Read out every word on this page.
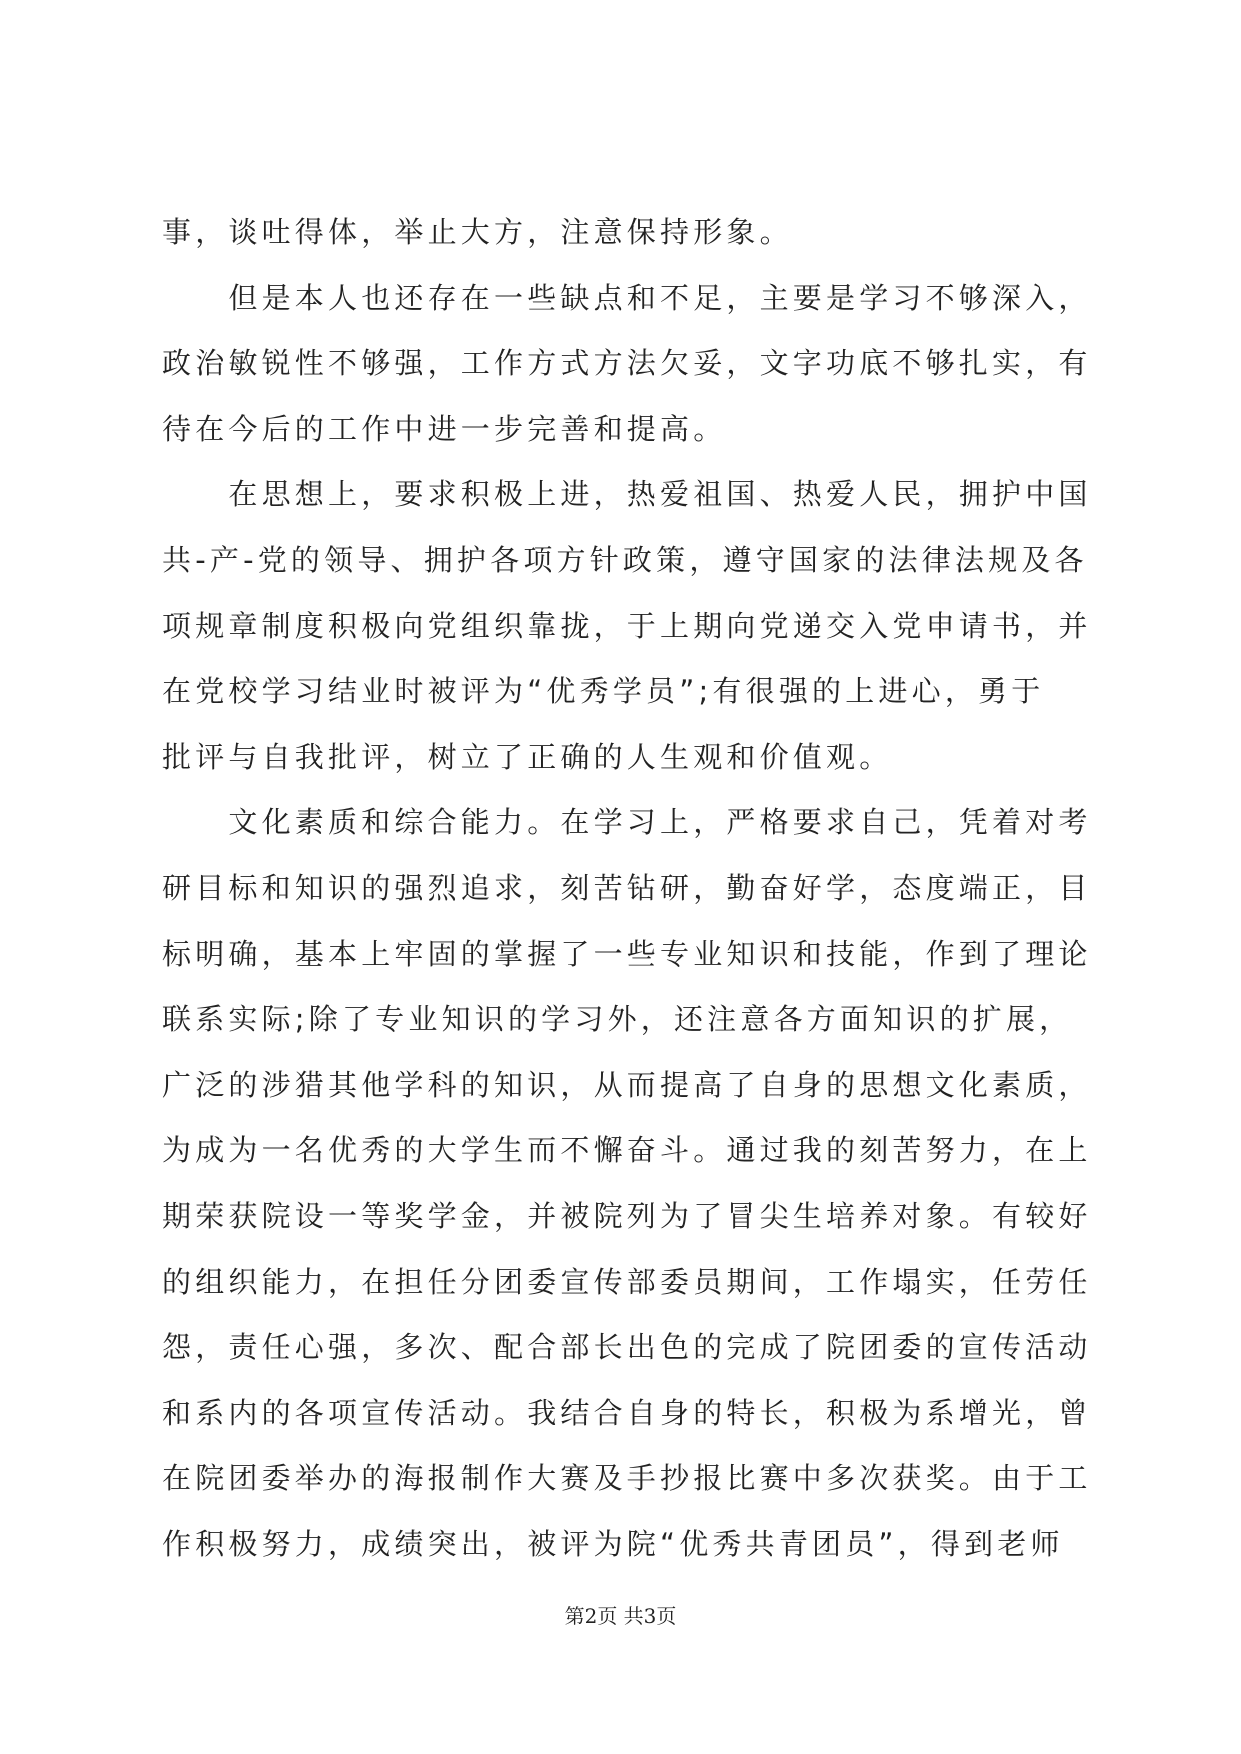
事，谈吐得体，举止大方，注意保持形象。
　　但是本人也还存在一些缺点和不足，主要是学习不够深入，
政治敏锐性不够强，工作方式方法欠妥，文字功底不够扎实，有
待在今后的工作中进一步完善和提高。
　　在思想上，要求积极上进，热爱祖国、热爱人民，拥护中国
共-产-党的领导、拥护各项方针政策，遵守国家的法律法规及各
项规章制度积极向党组织靠拢，于上期向党递交入党申请书，并
在党校学习结业时被评为“优秀学员”;有很强的上进心，勇于
批评与自我批评，树立了正确的人生观和价值观。
　　文化素质和综合能力。在学习上，严格要求自己，凭着对考
研目标和知识的强烈追求，刻苦钻研，勤奋好学，态度端正，目
标明确，基本上牢固的掌握了一些专业知识和技能，作到了理论
联系实际;除了专业知识的学习外，还注意各方面知识的扩展，
广泛的涉猎其他学科的知识，从而提高了自身的思想文化素质，
为成为一名优秀的大学生而不懈奋斗。通过我的刻苦努力，在上
期荣获院设一等奖学金，并被院列为了冒尖生培养对象。有较好
的组织能力，在担任分团委宣传部委员期间，工作塌实，任劳任
怨，责任心强，多次、配合部长出色的完成了院团委的宣传活动
和系内的各项宣传活动。我结合自身的特长，积极为系增光，曾
在院团委举办的海报制作大赛及手抄报比赛中多次获奖。由于工
作积极努力，成绩突出，被评为院“优秀共青团员”，得到老师
第2页 共3页
